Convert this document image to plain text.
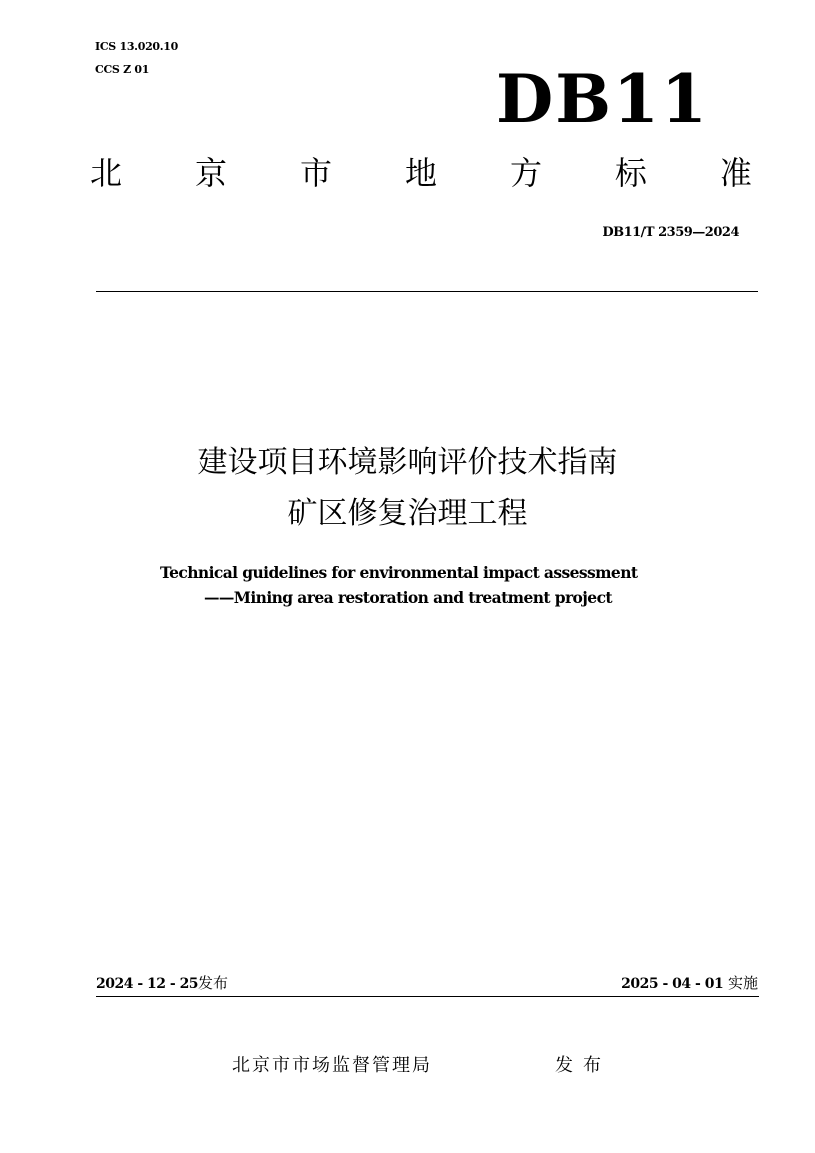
ICS 13.020.10
CCS Z 01	DB11
北 京 市 地 方 标 准
DB11/T 2359—2024
建设项目环境影响评价技术指南
矿区修复治理工程
Technical guidelines for environmental impact assessment
——Mining area restoration and treatment project
2024 - 12 - 25发布	2025 - 04 - 01 实施
北京市市场监督管理局	发布
